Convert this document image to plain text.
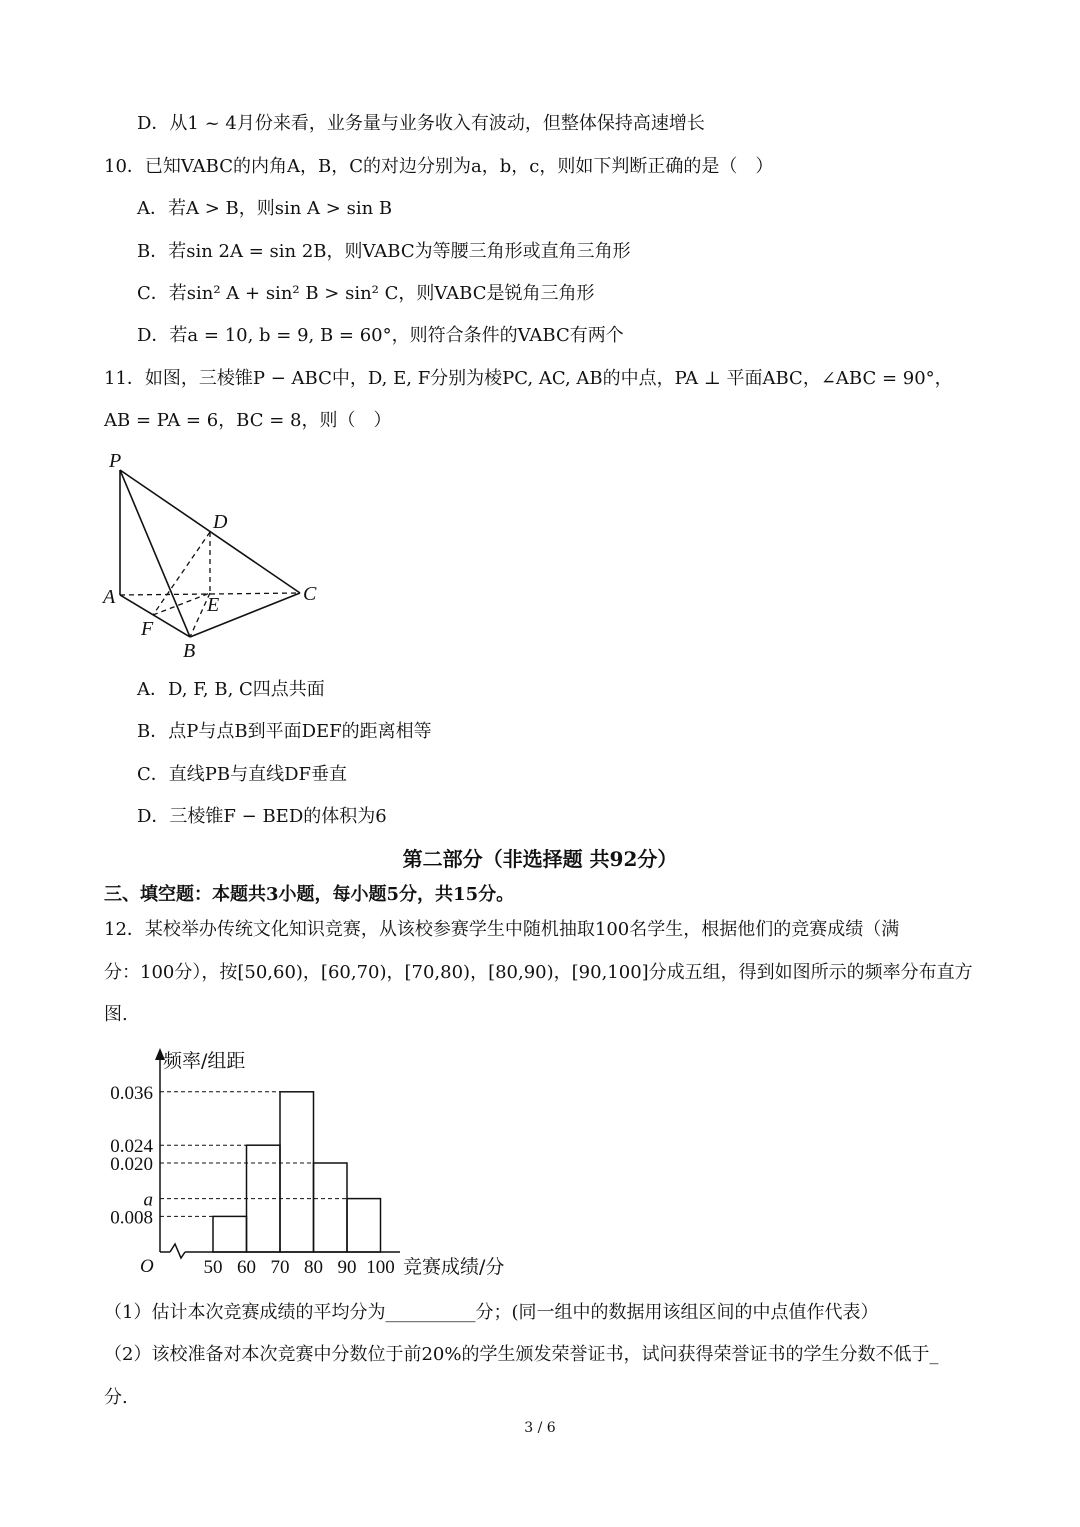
D．从1 ~ 4月份来看，业务量与业务收入有波动，但整体保持高速增长
10．已知VABC的内角A，B，C的对边分别为a，b，c，则如下判断正确的是（　）
A．若A > B，则sin A > sin B
B．若sin 2A = sin 2B，则VABC为等腰三角形或直角三角形
C．若sin² A + sin² B > sin² C，则VABC是锐角三角形
D．若a = 10, b = 9, B = 60°，则符合条件的VABC有两个
11．如图，三棱锥P − ABC中，D, E, F分别为棱PC, AC, AB的中点，PA ⊥ 平面ABC，∠ABC = 90°，
AB = PA = 6，BC = 8，则（　）
P
D
A	C
E
F
B
A．D, F, B, C四点共面
B．点P与点B到平面DEF的距离相等
C．直线PB与直线DF垂直
D．三棱锥F − BED的体积为6
第二部分（非选择题 共92分）
三、填空题：本题共3小题，每小题5分，共15分。
12．某校举办传统文化知识竞赛，从该校参赛学生中随机抽取100名学生，根据他们的竞赛成绩（满
分：100分），按[50,60)，[60,70)，[70,80)，[80,90)，[90,100]分成五组，得到如图所示的频率分布直方
图.
频率/组距
O	竞赛成绩/分
0.036
0.024
0.020
a
0.008
50 60 70 80 90 100
（1）估计本次竞赛成绩的平均分为__________分；(同一组中的数据用该组区间的中点值作代表）
（2）该校准备对本次竞赛中分数位于前20%的学生颁发荣誉证书，试问获得荣誉证书的学生分数不低于_
分.
3 / 6
